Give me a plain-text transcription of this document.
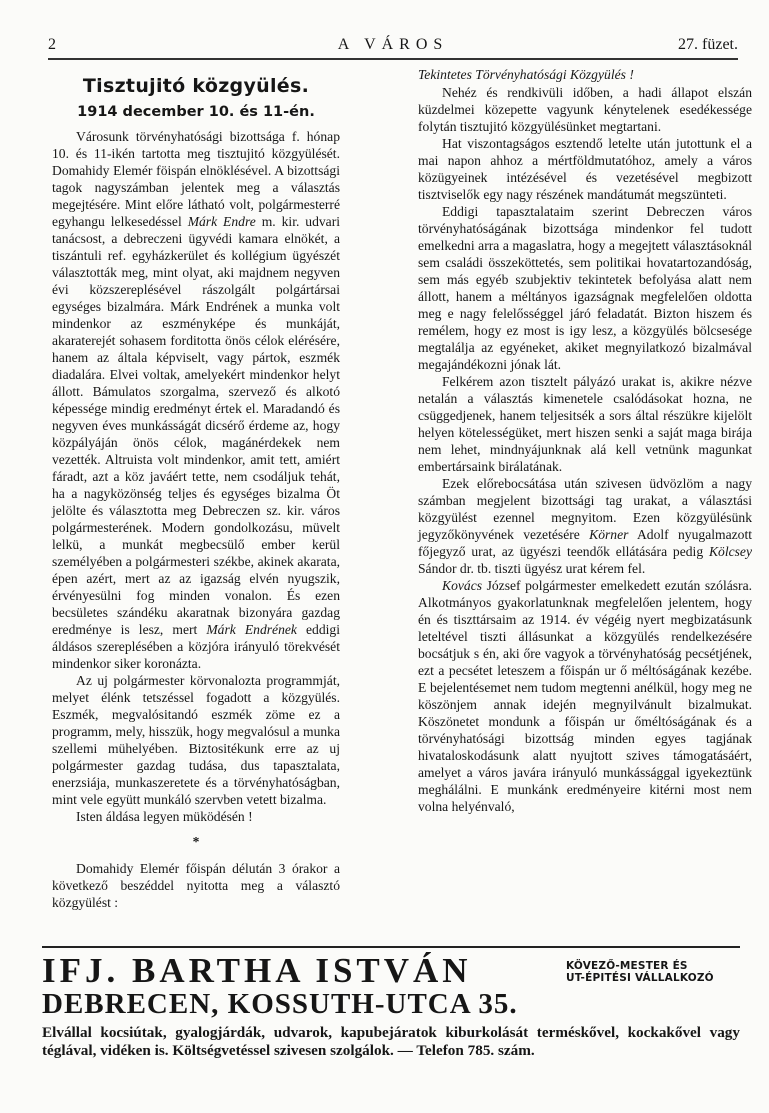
2	A VÁROS	27. füzet.
Tisztujitó közgyülés.
1914 december 10. és 11-én.

Városunk törvényhatósági bizottsága f. hónap 10. és 11-ikén tartotta meg tisztujitó közgyülését. Domahidy Elemér föispán elnöklésével. A bizottsági tagok nagyszámban jelentek meg a választás megejtésére. Mint előre látható volt, polgármesterré egyhangu lelkesedéssel Márk Endre m. kir. udvari tanácsost, a debreczeni ügyvédi kamara elnökét, a tiszántuli ref. egyházkerület és kollégium ügyészét választották meg, mint olyat, aki majdnem negyven évi közszereplésével rászolgált polgártársai egységes bizalmára. Márk Endrének a munka volt mindenkor az eszményképe és munkáját, akaraterejét sohasem forditotta önös célok elérésére, hanem az általa képviselt, vagy pártok, eszmék diadalára. Elvei voltak, amelyekért mindenkor helyt állott. Bámulatos szorgalma, szervező és alkotó képessége mindig eredményt értek el. Maradandó és negyven éves munkásságát dicsérő érdeme az, hogy közpályáján önös célok, magánérdekek nem vezették. Altruista volt mindenkor, amit tett, amiért fáradt, azt a köz javáért tette, nem csodáljuk tehát, ha a nagyközönség teljes és egységes bizalma Öt jelölte és választotta meg Debreczen sz. kir. város polgármesterének. Modern gondolkozásu, müvelt lelkü, a munkát megbecsülő ember kerül személyében a polgármesteri székbe, akinek akarata, épen azért, mert az az igazság elvén nyugszik, érvényesülni fog minden vonalon. És ezen becsületes szándéku akaratnak bizonyára gazdag eredménye is lesz, mert Márk Endrének eddigi áldásos szereplésében a közjóra irányuló törekvését mindenkor siker koronázta.

Az uj polgármester körvonalozta programmját, melyet élénk tetszéssel fogadott a közgyülés. Eszmék, megvalósitandó eszmék zöme ez a programm, mely, hisszük, hogy megvalósul a munka szellemi mühelyében. Biztositékunk erre az uj polgármester gazdag tudása, dus tapasztalata, enerzsiája, munkaszeretete és a törvényhatóságban, mint vele együtt munkáló szervben vetett bizalma.

Isten áldása legyen müködésén !

*

Domahidy Elemér főispán délután 3 órakor a következő beszéddel nyitotta meg a választó közgyülést :

Tekintetes Törvényhatósági Közgyülés !

Nehéz és rendkivüli időben, a hadi állapot elszán küzdelmei közepette vagyunk kénytelenek esedékessége folytán tisztujitó közgyülésünket megtartani.

Hat viszontagságos esztendő letelte után jutottunk el a mai napon ahhoz a mértföldmutatóhoz, amely a város közügyeinek intézésével és vezetésével megbizott tisztviselők egy nagy részének mandátumát megszünteti.

Eddigi tapasztalataim szerint Debreczen város törvényhatóságának bizottsága mindenkor fel tudott emelkedni arra a magaslatra, hogy a megejtett választásoknál sem családi összeköttetés, sem politikai hovatartozandóság, sem más egyéb szubjektiv tekintetek befolyása alatt nem állott, hanem a méltányos igazságnak megfelelően oldotta meg e nagy felelősséggel járó feladatát. Bizton hiszem és remélem, hogy ez most is igy lesz, a közgyülés bölcsesége megtalálja az egyéneket, akiket megnyilatkozó bizalmával megajándékozni jónak lát.

Felkérem azon tisztelt pályázó urakat is, akikre nézve netalán a választás kimenetele csalódásokat hozna, ne csüggedjenek, hanem teljesitsék a sors által részükre kijelölt helyen kötelességüket, mert hiszen senki a saját maga birája nem lehet, mindnyájunknak alá kell vetnünk magunkat embertársaink birálatának.

Ezek előrebocsátása után szivesen üdvözlöm a nagy számban megjelent bizottsági tag urakat, a választási közgyülést ezennel megnyitom. Ezen közgyülésünk jegyzőkönyvének vezetésére Körner Adolf nyugalmazott főjegyző urat, az ügyészi teendők ellátására pedig Kölcsey Sándor dr. tb. tiszti ügyész urat kérem fel.

Kovács József polgármester emelkedett ezután szólásra. Alkotmányos gyakorlatunknak megfelelően jelentem, hogy én és tiszttársaim az 1914. év végéig nyert megbizatásunk leteltével tiszti állásunkat a közgyülés rendelkezésére bocsátjuk s én, aki őre vagyok a törvényhatóság pecsétjének, ezt a pecsétet leteszem a főispán ur ő méltóságának kezébe. E bejelentésemet nem tudom megtenni anélkül, hogy meg ne köszönjem annak idején megnyilvánult bizalmukat. Köszönetet mondunk a főispán ur őméltóságának és a törvényhatósági bizottság minden egyes tagjának hivataloskodásunk alatt nyujtott szives támogatásáért, amelyet a város javára irányuló munkássággal igyekeztünk meghálálni. E munkánk eredményeire kitérni most nem volna helyénvaló,

IFJ. BARTHA ISTVÁN	KÖVEZŐ-MESTER ÉS
UT-ÉPITÉSI VÁLLALKOZÓ
DEBRECEN, KOSSUTH-UTCA 35.
Elvállal kocsiútak, gyalogjárdák, udvarok, kapubejáratok kiburkolását terméskővel, kockakővel vagy téglával, vidéken is. Költségvetéssel szivesen szolgálok. — Telefon 785. szám.
